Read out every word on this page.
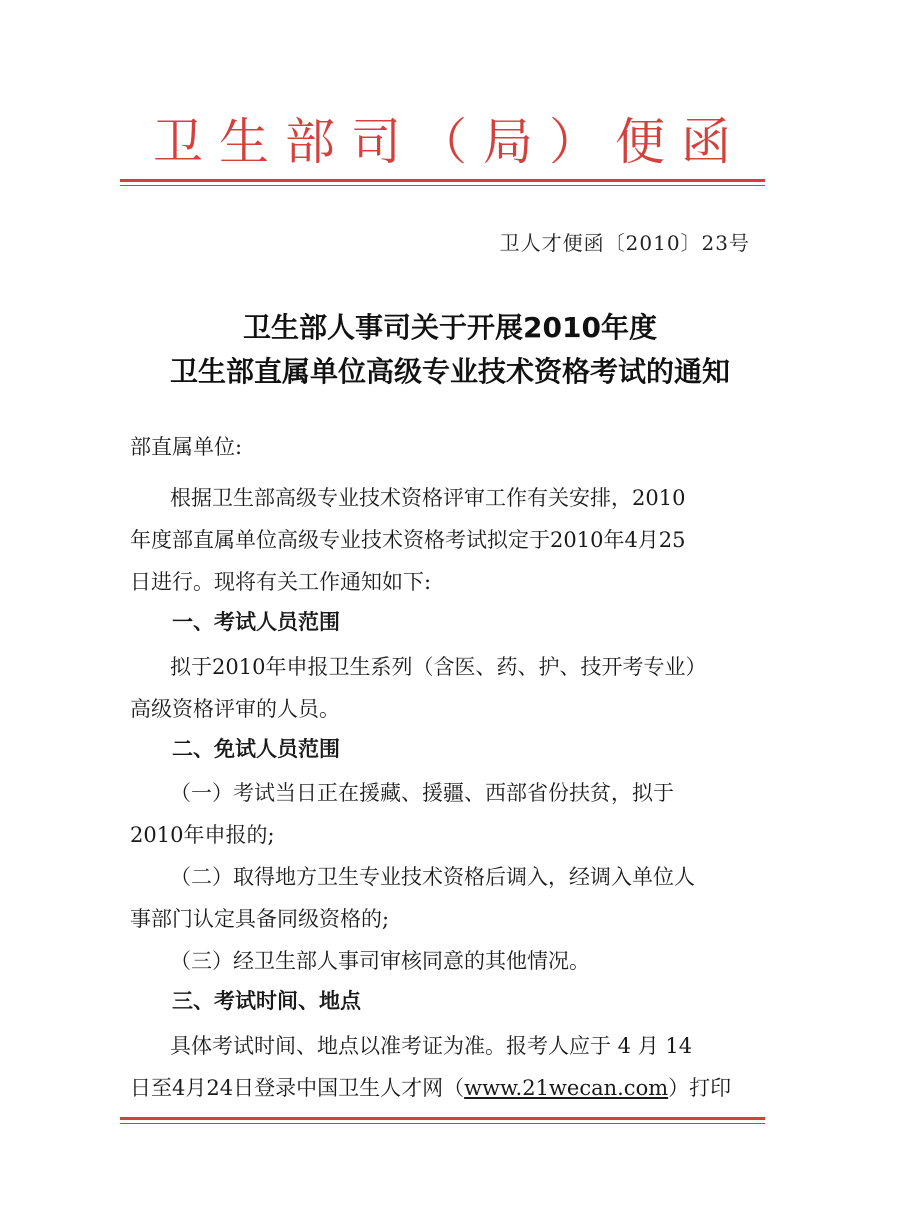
卫生部司（局）便函
卫人才便函〔2010〕23号
卫生部人事司关于开展2010年度
卫生部直属单位高级专业技术资格考试的通知
部直属单位:
根据卫生部高级专业技术资格评审工作有关安排，2010
年度部直属单位高级专业技术资格考试拟定于2010年4月25
日进行。现将有关工作通知如下:
一、考试人员范围
拟于2010年申报卫生系列（含医、药、护、技开考专业）
高级资格评审的人员。
二、免试人员范围
（一）考试当日正在援藏、援疆、西部省份扶贫，拟于
2010年申报的;
（二）取得地方卫生专业技术资格后调入，经调入单位人
事部门认定具备同级资格的;
（三）经卫生部人事司审核同意的其他情况。
三、考试时间、地点
具体考试时间、地点以准考证为准。报考人应于 4 月 14
日至4月24日登录中国卫生人才网（www.21wecan.com）打印
